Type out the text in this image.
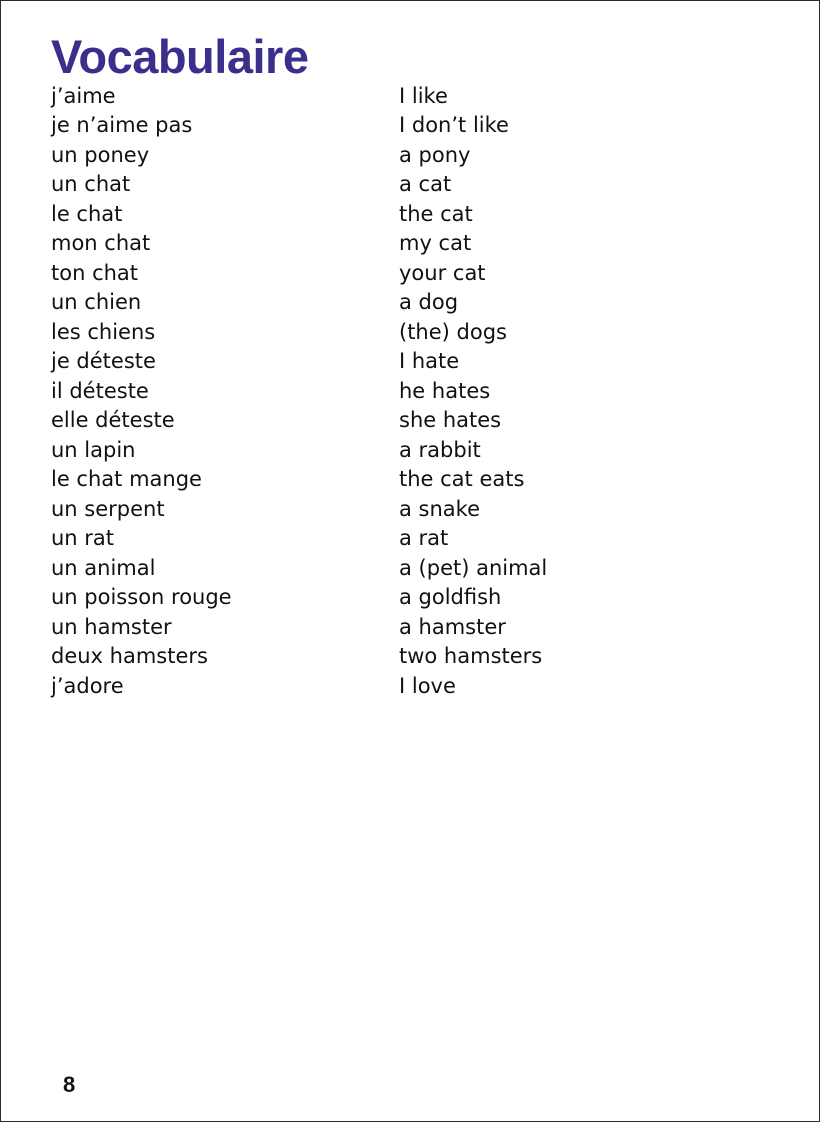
Vocabulaire
j’aime	I like
je n’aime pas	I don’t like
un poney	a pony
un chat	a cat
le chat	the cat
mon chat	my cat
ton chat	your cat
un chien	a dog
les chiens	(the) dogs
je déteste	I hate
il déteste	he hates
elle déteste	she hates
un lapin	a rabbit
le chat mange	the cat eats
un serpent	a snake
un rat	a rat
un animal	a (pet) animal
un poisson rouge	a goldfish
un hamster	a hamster
deux hamsters	two hamsters
j’adore	I love
8
